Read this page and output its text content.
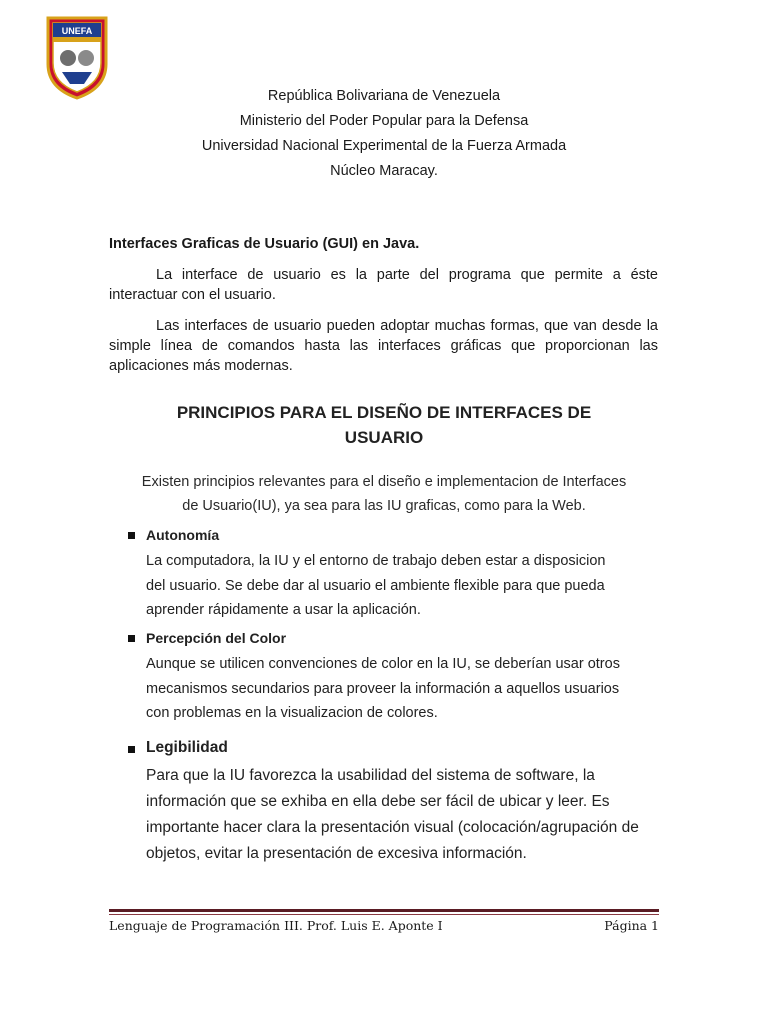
UNEFA
República Bolivariana de Venezuela
Ministerio del Poder Popular para la Defensa
Universidad Nacional Experimental de la Fuerza Armada
Núcleo Maracay.
Interfaces Graficas de Usuario (GUI) en Java.

La interface de usuario es la parte del programa que permite a éste interactuar con el usuario.

Las interfaces de usuario pueden adoptar muchas formas, que van desde la simple línea de comandos hasta las interfaces gráficas que proporcionan las aplicaciones más modernas.

PRINCIPIOS PARA EL DISEÑO DE INTERFACES DE
USUARIO
Existen principios relevantes para el diseño e implementacion de Interfaces
de Usuario(IU), ya sea para las IU graficas, como para la Web.
Autonomía
La computadora, la IU y el entorno de trabajo deben estar a disposicion
del usuario. Se debe dar al usuario el ambiente flexible para que pueda
aprender rápidamente a usar la aplicación.
Percepción del Color
Aunque se utilicen convenciones de color en la IU, se deberían usar otros
mecanismos secundarios para proveer la información a aquellos usuarios
con problemas en la visualizacion de colores.
Legibilidad
Para que la IU favorezca la usabilidad del sistema de software, la
información que se exhiba en ella debe ser fácil de ubicar y leer. Es
importante hacer clara la presentación visual (colocación/agrupación de
objetos, evitar la presentación de excesiva información.
Lenguaje de Programación III. Prof. Luis E. Aponte I	Página 1
